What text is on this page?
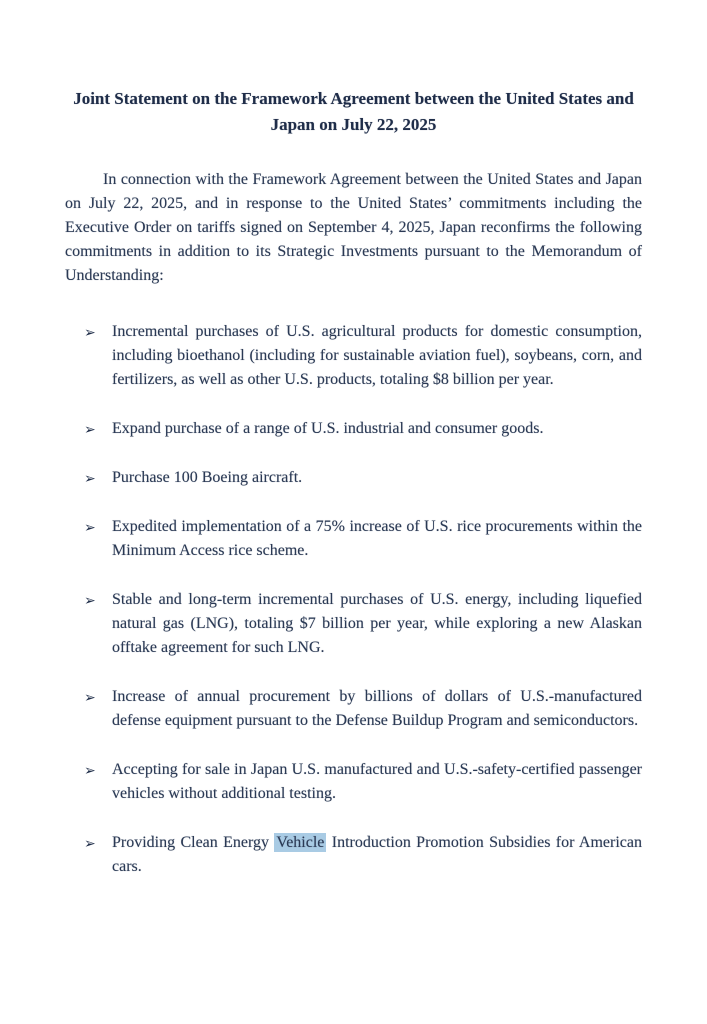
Joint Statement on the Framework Agreement between the United States and Japan on July 22, 2025

In connection with the Framework Agreement between the United States and Japan on July 22, 2025, and in response to the United States’ commitments including the Executive Order on tariffs signed on September 4, 2025, Japan reconfirms the following commitments in addition to its Strategic Investments pursuant to the Memorandum of Understanding:

➢ Incremental purchases of U.S. agricultural products for domestic consumption, including bioethanol (including for sustainable aviation fuel), soybeans, corn, and fertilizers, as well as other U.S. products, totaling $8 billion per year.
➢ Expand purchase of a range of U.S. industrial and consumer goods.
➢ Purchase 100 Boeing aircraft.
➢ Expedited implementation of a 75% increase of U.S. rice procurements within the Minimum Access rice scheme.
➢ Stable and long-term incremental purchases of U.S. energy, including liquefied natural gas (LNG), totaling $7 billion per year, while exploring a new Alaskan offtake agreement for such LNG.
➢ Increase of annual procurement by billions of dollars of U.S.-manufactured defense equipment pursuant to the Defense Buildup Program and semiconductors.
➢ Accepting for sale in Japan U.S. manufactured and U.S.-safety-certified passenger vehicles without additional testing.
➢ Providing Clean Energy Vehicle Introduction Promotion Subsidies for American cars.
